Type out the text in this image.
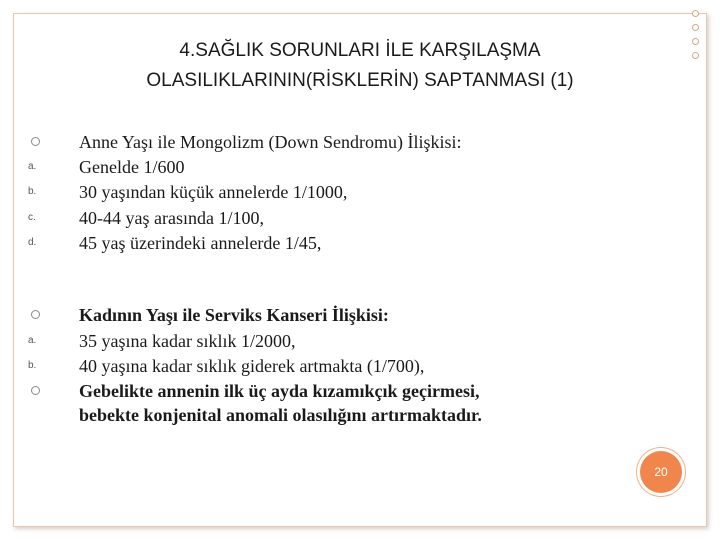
4.SAĞLIK SORUNLARI İLE KARŞILAŞMA
OLASILIKLARININ(RİSKLERİN) SAPTANMASI (1)
Anne Yaşı ile Mongolizm (Down Sendromu) İlişkisi:
a.	Genelde 1/600
b.	30 yaşından küçük annelerde 1/1000,
c.	40-44 yaş arasında 1/100,
d.	45 yaş üzerindeki annelerde 1/45,
Kadının Yaşı ile Serviks Kanseri İlişkisi:
a.	35 yaşına kadar sıklık 1/2000,
b.	40 yaşına kadar sıklık giderek artmakta (1/700),
Gebelikte annenin ilk üç ayda kızamıkçık geçirmesi,
bebekte konjenital anomali olasılığını artırmaktadır.
20
